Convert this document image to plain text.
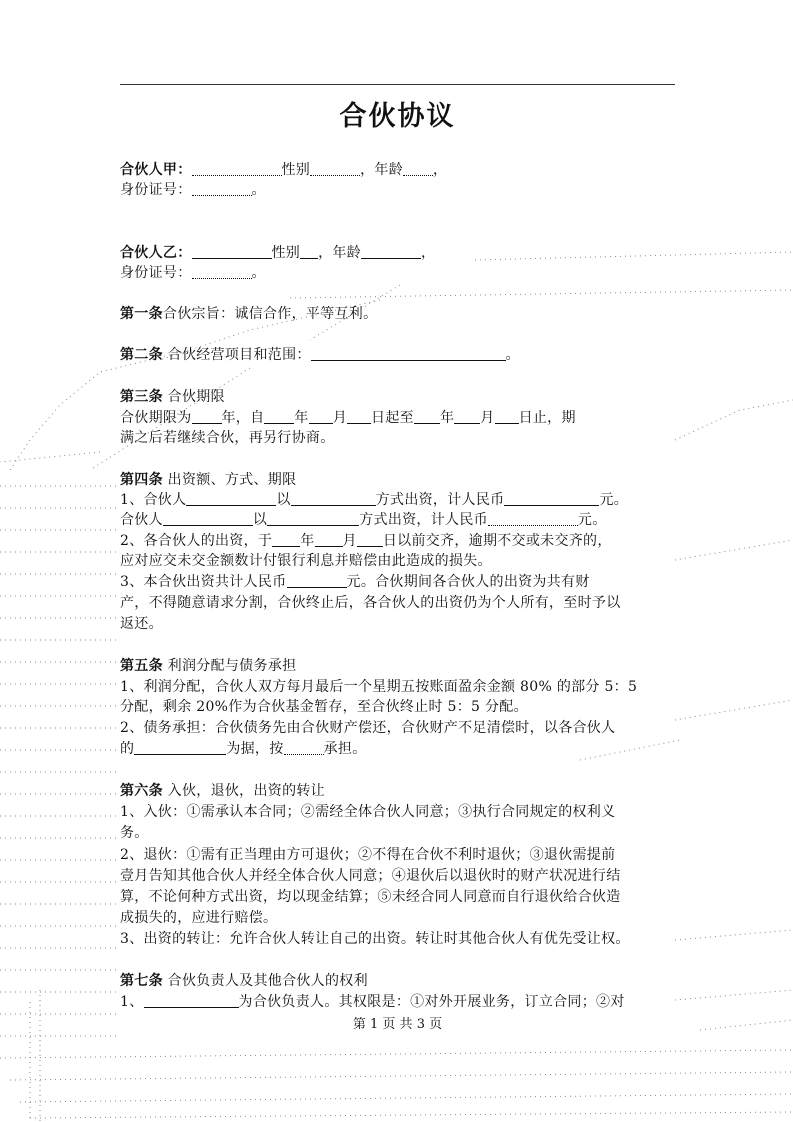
合伙协议
合伙人甲：	性别	，年龄 ，
身份证号：	。
合伙人乙：	性别 ，年龄	，
身份证号：	。
第一条合伙宗旨：诚信合作，平等互利。
第二条 合伙经营项目和范围：	。
第三条 合伙期限
合伙期限为 年，自 年 月 日起至 年 月 日止，期
满之后若继续合伙，再另行协商。
第四条 出资额、方式、期限
1、合伙人	以	方式出资，计人民币	元。
合伙人	以	方式出资，计人民币	元。
2、各合伙人的出资，于 年 月 日以前交齐，逾期不交或未交齐的，
应对应交未交金额数计付银行利息并赔偿由此造成的损失。
3、本合伙出资共计人民币	元。合伙期间各合伙人的出资为共有财
产，不得随意请求分割，合伙终止后，各合伙人的出资仍为个人所有，至时予以
返还。
第五条 利润分配与债务承担
1、利润分配，合伙人双方每月最后一个星期五按账面盈余金额 80% 的部分 5：5
分配，剩余 20%作为合伙基金暂存，至合伙终止时 5：5 分配。
2、债务承担：合伙债务先由合伙财产偿还，合伙财产不足清偿时，以各合伙人
的	为据，按	承担。
第六条 入伙，退伙，出资的转让
1、入伙：①需承认本合同；②需经全体合伙人同意；③执行合同规定的权利义
务。
2、退伙：①需有正当理由方可退伙；②不得在合伙不利时退伙；③退伙需提前
壹月告知其他合伙人并经全体合伙人同意；④退伙后以退伙时的财产状况进行结
算，不论何种方式出资，均以现金结算；⑤未经合同人同意而自行退伙给合伙造
成损失的，应进行赔偿。
3、出资的转让：允许合伙人转让自己的出资。转让时其他合伙人有优先受让权。
第七条 合伙负责人及其他合伙人的权利
1、	为合伙负责人。其权限是：①对外开展业务，订立合同；②对
第 1 页 共 3 页
